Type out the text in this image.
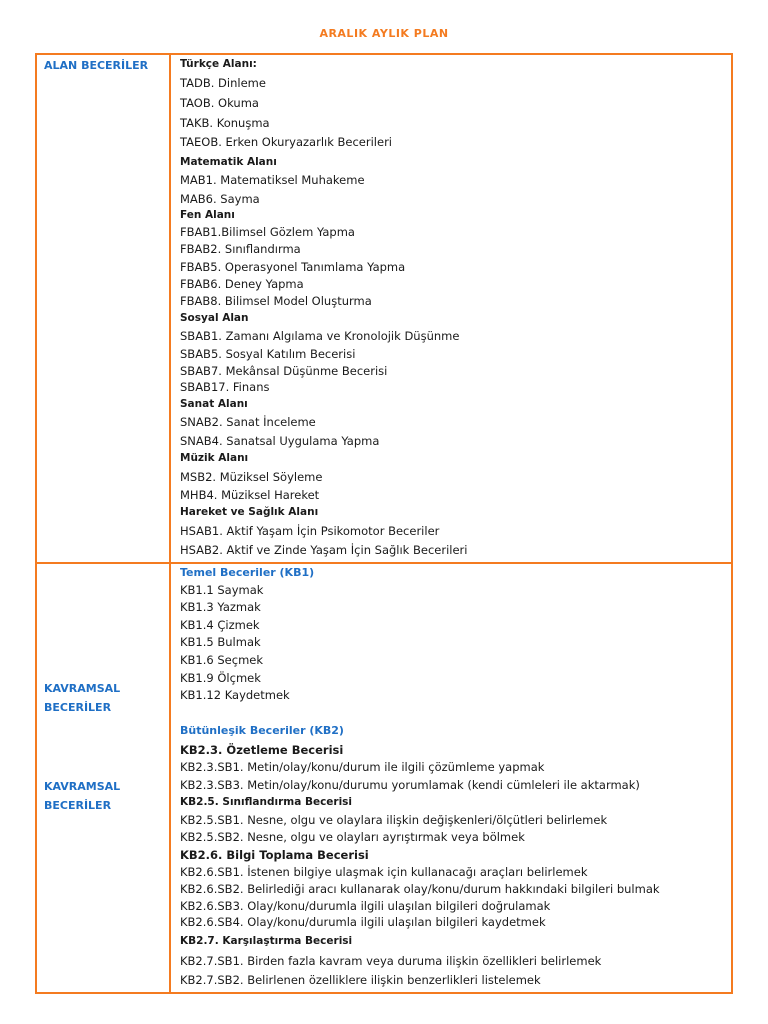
ARALIK AYLIK PLAN
ALAN BECERİLER	Türkçe Alanı:
TADB. Dinleme
TAOB. Okuma
TAKB. Konuşma
TAEOB. Erken Okuryazarlık Becerileri
Matematik Alanı
MAB1. Matematiksel Muhakeme
MAB6. Sayma
Fen Alanı
FBAB1.Bilimsel Gözlem Yapma
FBAB2. Sınıflandırma
FBAB5. Operasyonel Tanımlama Yapma
FBAB6. Deney Yapma
FBAB8. Bilimsel Model Oluşturma
Sosyal Alan
SBAB1. Zamanı Algılama ve Kronolojik Düşünme
SBAB5. Sosyal Katılım Becerisi
SBAB7. Mekânsal Düşünme Becerisi
SBAB17. Finans
Sanat Alanı
SNAB2. Sanat İnceleme
SNAB4. Sanatsal Uygulama Yapma
Müzik Alanı
MSB2. Müziksel Söyleme
MHB4. Müziksel Hareket
Hareket ve Sağlık Alanı
HSAB1. Aktif Yaşam İçin Psikomotor Beceriler
HSAB2. Aktif ve Zinde Yaşam İçin Sağlık Becerileri
KAVRAMSAL
BECERİLER
KAVRAMSAL
BECERİLER
Temel Beceriler (KB1)
KB1.1 Saymak
KB1.3 Yazmak
KB1.4 Çizmek
KB1.5 Bulmak
KB1.6 Seçmek
KB1.9 Ölçmek
KB1.12 Kaydetmek
Bütünleşik Beceriler (KB2)
KB2.3. Özetleme Becerisi
KB2.3.SB1. Metin/olay/konu/durum ile ilgili çözümleme yapmak
KB2.3.SB3. Metin/olay/konu/durumu yorumlamak (kendi cümleleri ile aktarmak)
KB2.5. Sınıflandırma Becerisi
KB2.5.SB1. Nesne, olgu ve olaylara ilişkin değişkenleri/ölçütleri belirlemek
KB2.5.SB2. Nesne, olgu ve olayları ayrıştırmak veya bölmek
KB2.6. Bilgi Toplama Becerisi
KB2.6.SB1. İstenen bilgiye ulaşmak için kullanacağı araçları belirlemek
KB2.6.SB2. Belirlediği aracı kullanarak olay/konu/durum hakkındaki bilgileri bulmak
KB2.6.SB3. Olay/konu/durumla ilgili ulaşılan bilgileri doğrulamak
KB2.6.SB4. Olay/konu/durumla ilgili ulaşılan bilgileri kaydetmek
KB2.7. Karşılaştırma Becerisi
KB2.7.SB1. Birden fazla kavram veya duruma ilişkin özellikleri belirlemek
KB2.7.SB2. Belirlenen özelliklere ilişkin benzerlikleri listelemek
